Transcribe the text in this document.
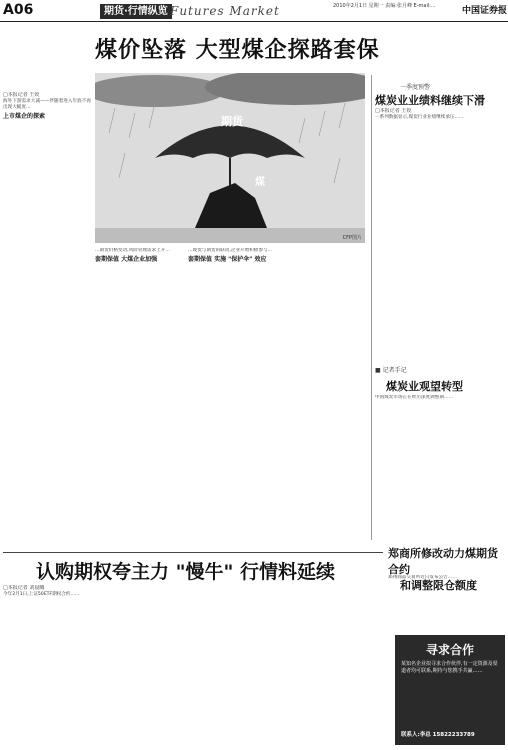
A06	期货·行情纵览 Futures Market	2010年2月1日 星期一 责编:张月峰 E-mail:...	中国证券报
煤价坠落 大型煤企探路套保
期货
煤
CFP图片
□本报记者 王姣
海外下游需求大减——伴随着进入年底不再出现大幅度…
上市煤企的探索
…期货价格变动,风险管理需求上升…
套期保值 大煤企业加强
…现货与期货的联动,企业开始积极参与…
套期保值 实施 "保护伞" 效应
一季度预警
煤炭业业绩料继续下滑
□本报记者 王姣
一系列数据显示,煤炭行业业绩继续承压……
■ 记者手记
煤炭业观望转型
中国煤炭市场正在经历深度调整期……
认购期权夸主力 "慢牛" 行情料延续
□本报记者 刘晨曦
今年2月1日,上证50ETF期权合约……
郑商所修改动力煤期货合约
和调整限仓额度
郑州商品交易所近日发布公告……
寻求合作
某知名企业拟寻求合作伙伴,有一定资源及渠道者均可联系,期待与您携手共赢……
联系人:李总 15822233789
